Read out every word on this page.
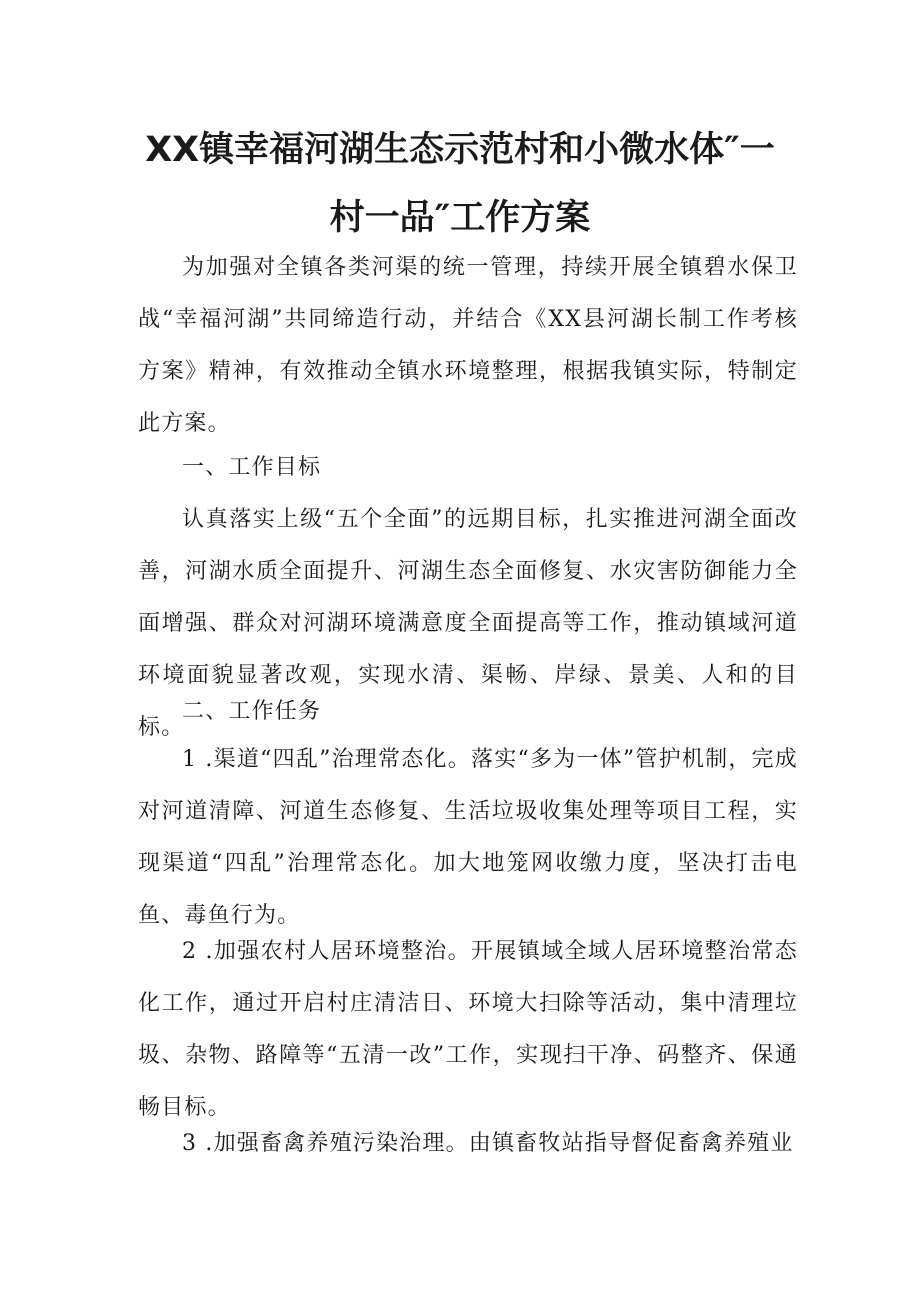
XX镇幸福河湖生态示范村和小微水体″一
村一品″工作方案

为加强对全镇各类河渠的统一管理，持续开展全镇碧水保卫战“幸福河湖”共同缔造行动，并结合《XX县河湖长制工作考核方案》精神，有效推动全镇水环境整理，根据我镇实际，特制定此方案。

一、工作目标

认真落实上级“五个全面”的远期目标，扎实推进河湖全面改善，河湖水质全面提升、河湖生态全面修复、水灾害防御能力全面增强、群众对河湖环境满意度全面提高等工作，推动镇域河道环境面貌显著改观，实现水清、渠畅、岸绿、景美、人和的目标。

二、工作任务

1 .渠道“四乱”治理常态化。落实“多为一体”管护机制，完成对河道清障、河道生态修复、生活垃圾收集处理等项目工程，实现渠道“四乱”治理常态化。加大地笼网收缴力度，坚决打击电鱼、毒鱼行为。

2 .加强农村人居环境整治。开展镇域全域人居环境整治常态化工作，通过开启村庄清洁日、环境大扫除等活动，集中清理垃圾、杂物、路障等“五清一改”工作，实现扫干净、码整齐、保通畅目标。

3 .加强畜禽养殖污染治理。由镇畜牧站指导督促畜禽养殖业
